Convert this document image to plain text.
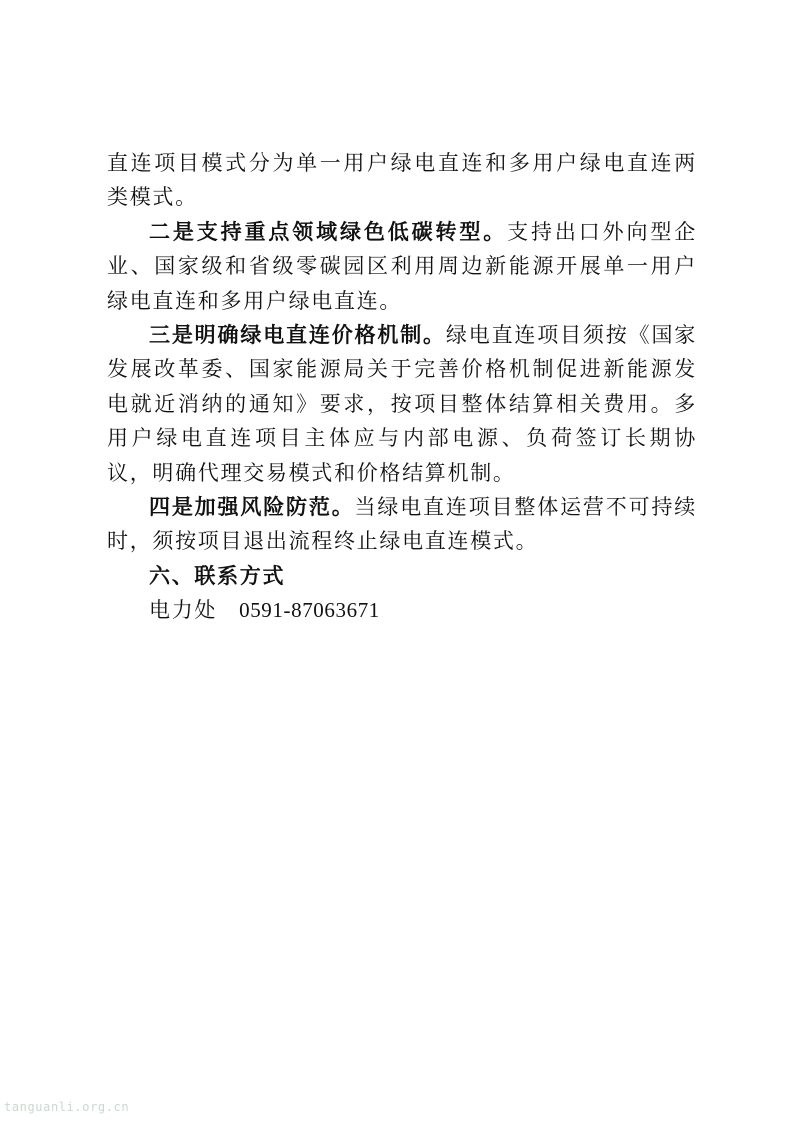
直连项目模式分为单一用户绿电直连和多用户绿电直连两类模式。

二是支持重点领域绿色低碳转型。支持出口外向型企业、国家级和省级零碳园区利用周边新能源开展单一用户绿电直连和多用户绿电直连。

三是明确绿电直连价格机制。绿电直连项目须按《国家发展改革委、国家能源局关于完善价格机制促进新能源发电就近消纳的通知》要求，按项目整体结算相关费用。多用户绿电直连项目主体应与内部电源、负荷签订长期协议，明确代理交易模式和价格结算机制。

四是加强风险防范。当绿电直连项目整体运营不可持续时，须按项目退出流程终止绿电直连模式。

六、联系方式

电力处 0591-87063671

tanguanli.org.cn
